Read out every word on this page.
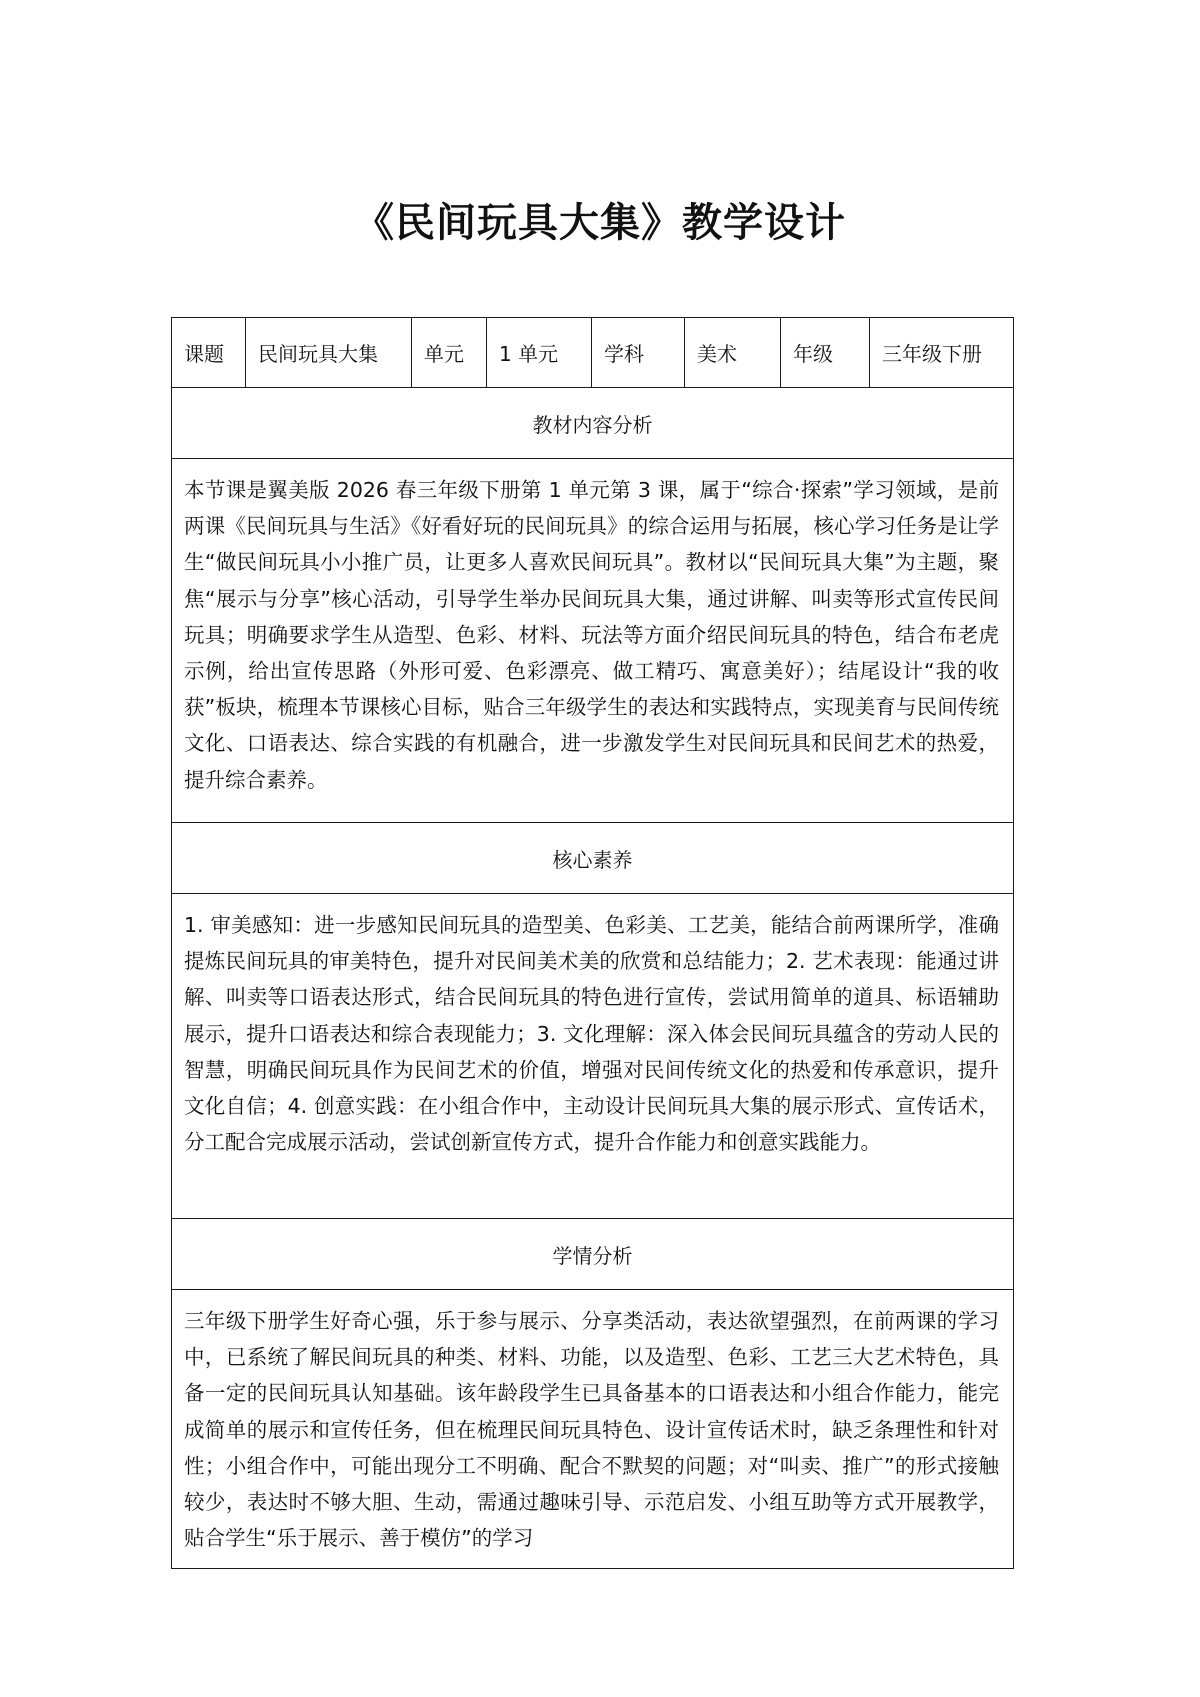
《民间玩具大集》教学设计
课题	民间玩具大集	单元	1 单元	学科	美术	年级	三年级下册
教材内容分析
本节课是翼美版 2026 春三年级下册第 1 单元第 3 课，属于“综合·探索”学习领域，是前两课《民间玩具与生活》《好看好玩的民间玩具》的综合运用与拓展，核心学习任务是让学生“做民间玩具小小推广员，让更多人喜欢民间玩具”。教材以“民间玩具大集”为主题，聚焦“展示与分享”核心活动，引导学生举办民间玩具大集，通过讲解、叫卖等形式宣传民间玩具；明确要求学生从造型、色彩、材料、玩法等方面介绍民间玩具的特色，结合布老虎示例，给出宣传思路（外形可爱、色彩漂亮、做工精巧、寓意美好）；结尾设计“我的收获”板块，梳理本节课核心目标，贴合三年级学生的表达和实践特点，实现美育与民间传统文化、口语表达、综合实践的有机融合，进一步激发学生对民间玩具和民间艺术的热爱，提升综合素养。
核心素养
1. 审美感知：进一步感知民间玩具的造型美、色彩美、工艺美，能结合前两课所学，准确提炼民间玩具的审美特色，提升对民间美术美的欣赏和总结能力；2. 艺术表现：能通过讲解、叫卖等口语表达形式，结合民间玩具的特色进行宣传，尝试用简单的道具、标语辅助展示，提升口语表达和综合表现能力；3. 文化理解：深入体会民间玩具蕴含的劳动人民的智慧，明确民间玩具作为民间艺术的价值，增强对民间传统文化的热爱和传承意识，提升文化自信；4. 创意实践：在小组合作中，主动设计民间玩具大集的展示形式、宣传话术，分工配合完成展示活动，尝试创新宣传方式，提升合作能力和创意实践能力。
学情分析
三年级下册学生好奇心强，乐于参与展示、分享类活动，表达欲望强烈，在前两课的学习中，已系统了解民间玩具的种类、材料、功能，以及造型、色彩、工艺三大艺术特色，具备一定的民间玩具认知基础。该年龄段学生已具备基本的口语表达和小组合作能力，能完成简单的展示和宣传任务，但在梳理民间玩具特色、设计宣传话术时，缺乏条理性和针对性；小组合作中，可能出现分工不明确、配合不默契的问题；对“叫卖、推广”的形式接触较少，表达时不够大胆、生动，需通过趣味引导、示范启发、小组互助等方式开展教学，贴合学生“乐于展示、善于模仿”的学习
